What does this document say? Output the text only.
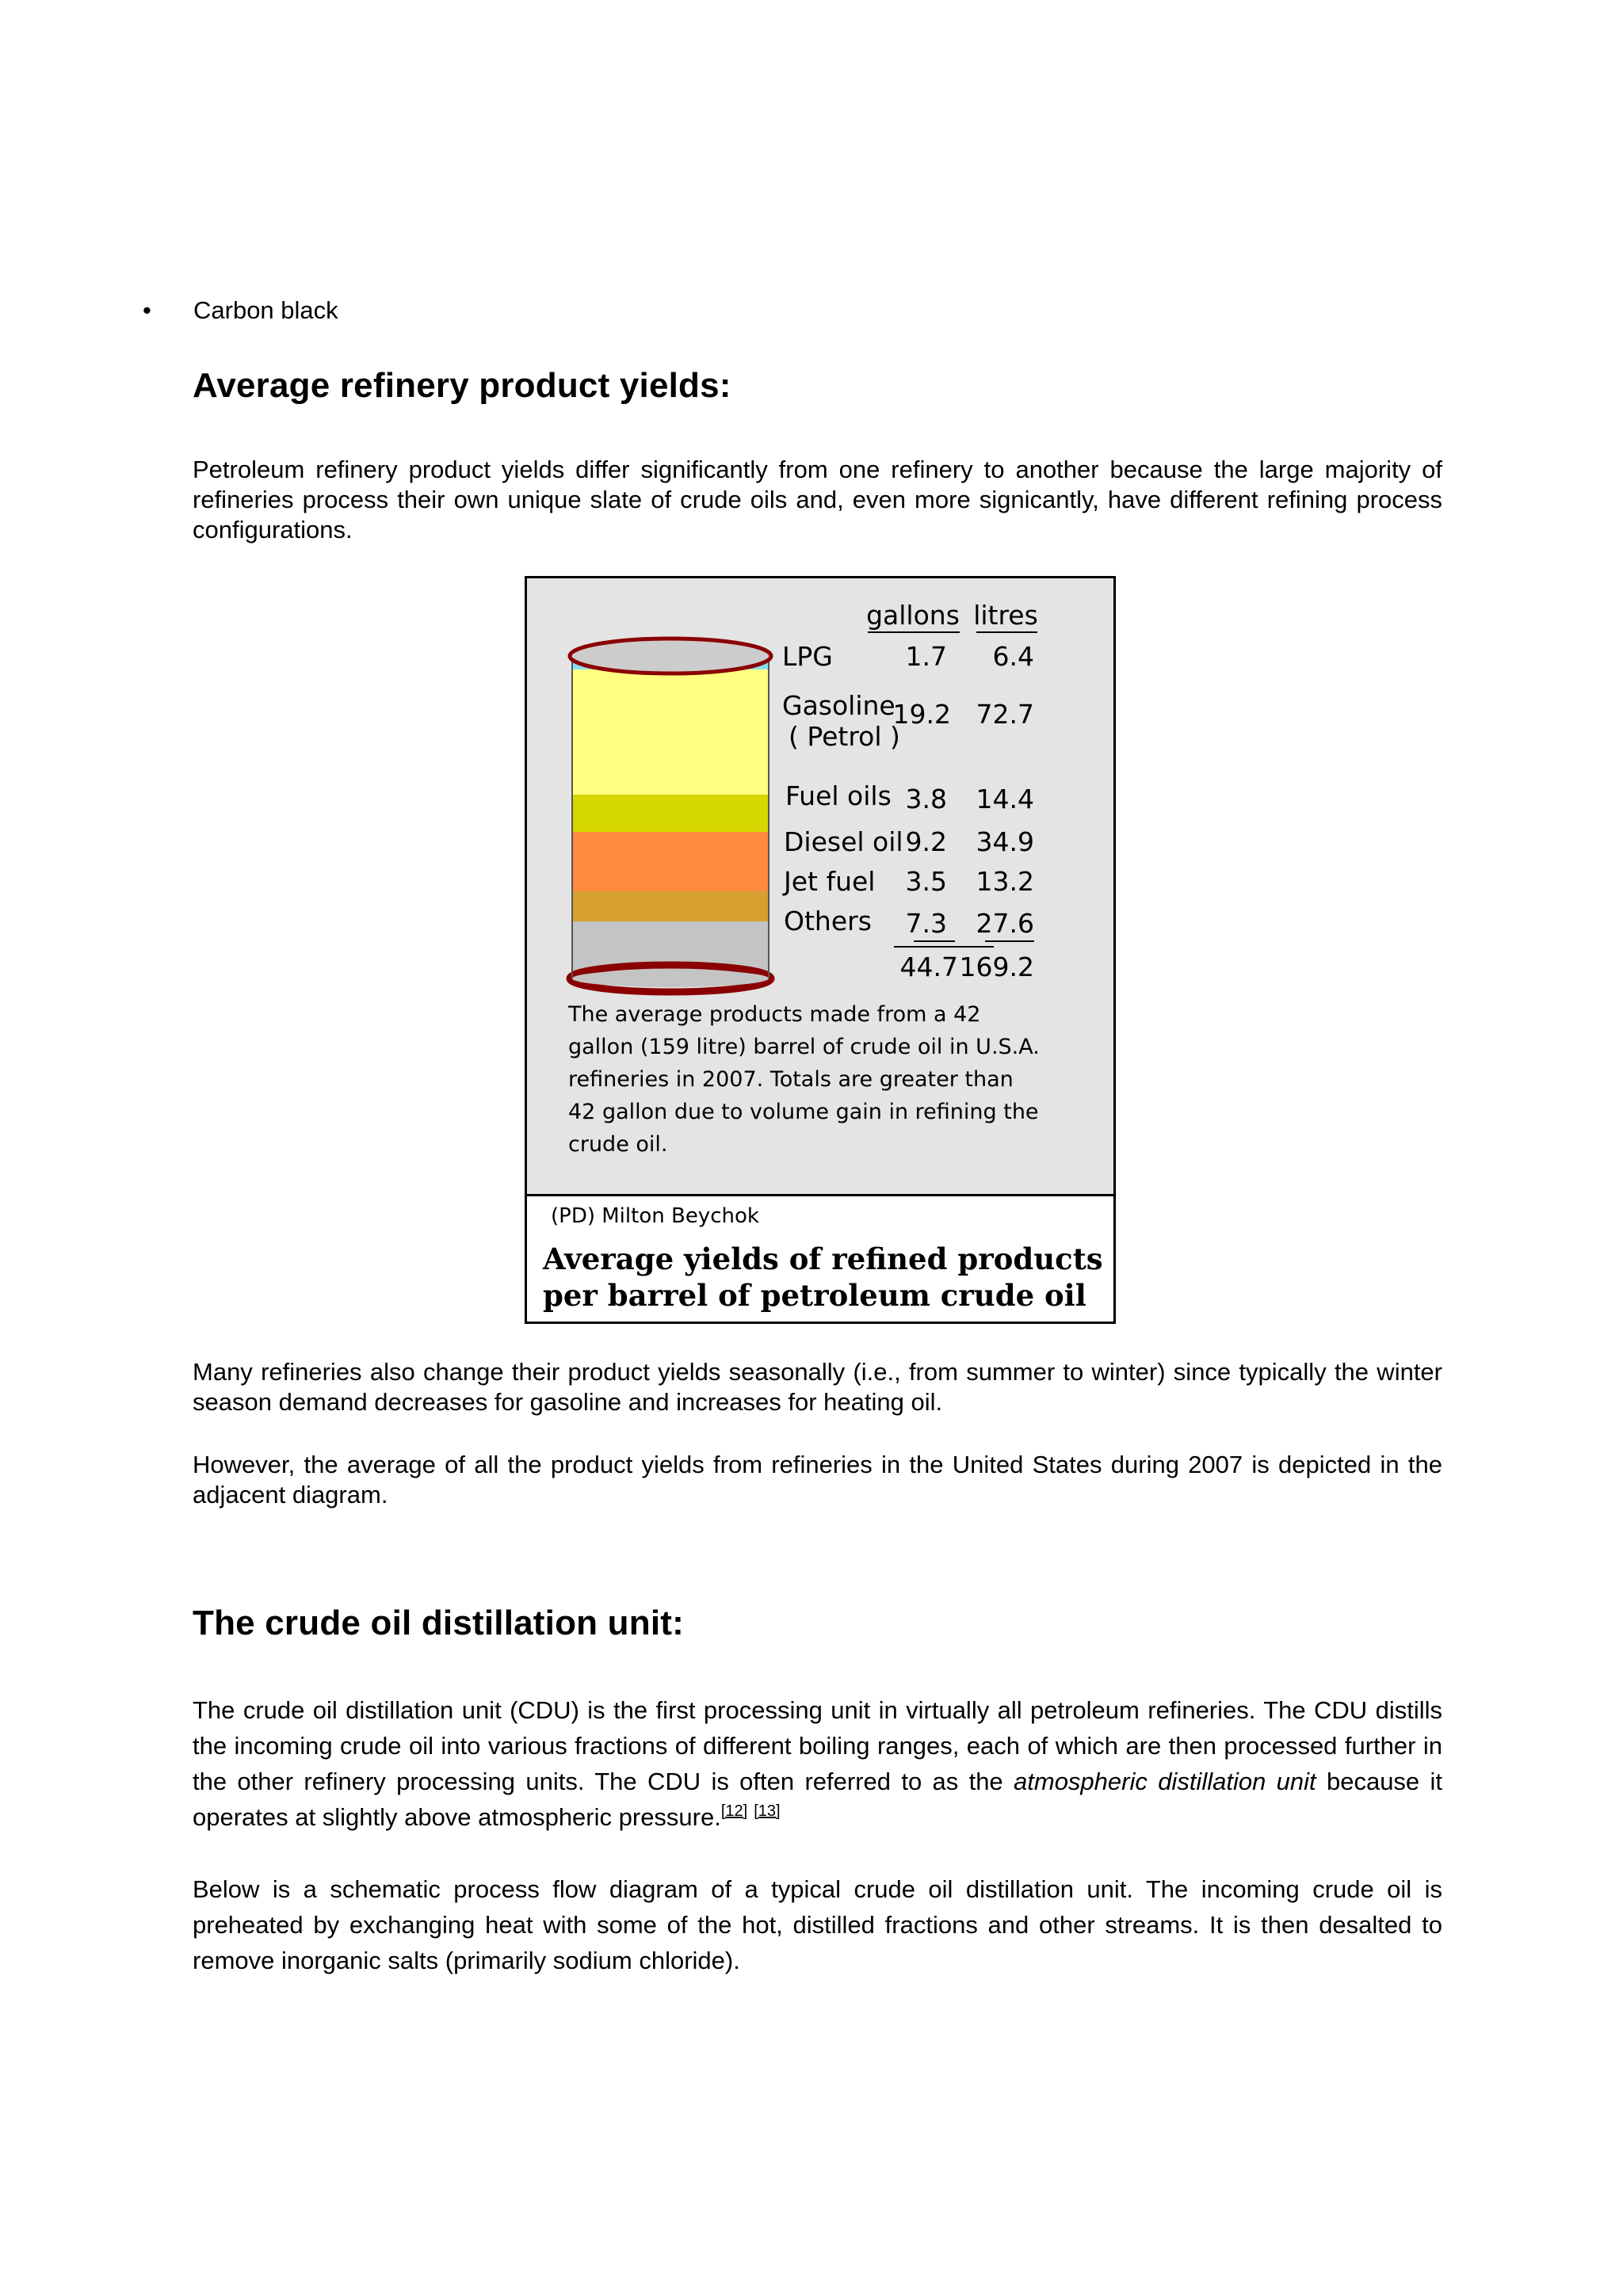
• Carbon black
Average refinery product yields:

Petroleum refinery product yields differ significantly from one refinery to another because the large majority of refineries process their own unique slate of crude oils and, even more signicantly, have different refining process configurations.

gallons litres
LPG	1.7 6.4
Gasoline
( Petrol )
19.2 72.7
Fuel oils 3.8 14.4
Diesel oil 9.2 34.9
Jet fuel 3.5 13.2
Others 7.3 27.6
44.7 169.2
The average products made from a 42 gallon (159 litre) barrel of crude oil in U.S.A. refineries in 2007. Totals are greater than 42 gallon due to volume gain in refining the crude oil.
(PD) Milton Beychok
Average yields of refined products per barrel of petroleum crude oil

Many refineries also change their product yields seasonally (i.e., from summer to winter) since typically the winter season demand decreases for gasoline and increases for heating oil.

However, the average of all the product yields from refineries in the United States during 2007 is depicted in the adjacent diagram.

The crude oil distillation unit:

The crude oil distillation unit (CDU) is the first processing unit in virtually all petroleum refineries. The CDU distills the incoming crude oil into various fractions of different boiling ranges, each of which are then processed further in the other refinery processing units. The CDU is often referred to as the atmospheric distillation unit because it operates at slightly above atmospheric pressure.[12] [13]

Below is a schematic process flow diagram of a typical crude oil distillation unit. The incoming crude oil is preheated by exchanging heat with some of the hot, distilled fractions and other streams. It is then desalted to remove inorganic salts (primarily sodium chloride).
